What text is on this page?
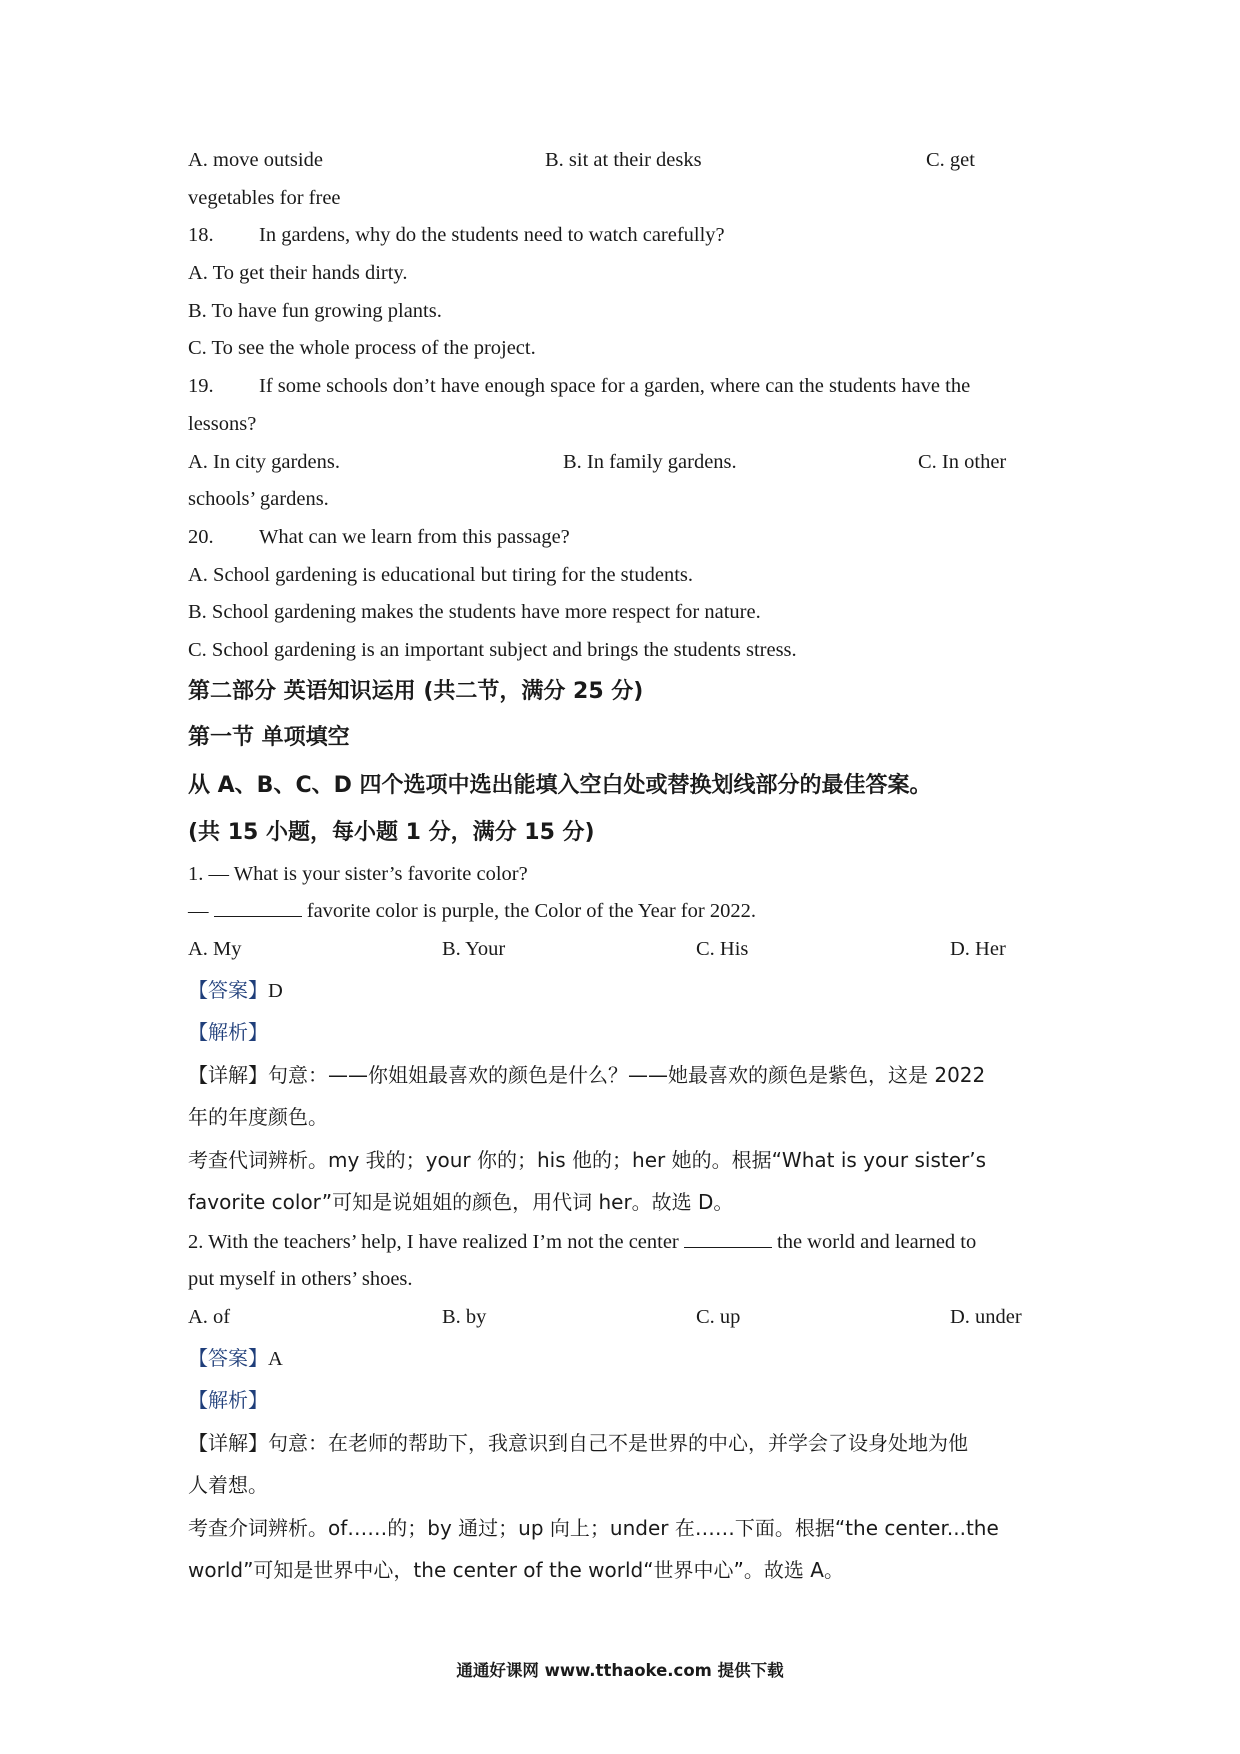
A. move outside	B. sit at their desks	C. get
vegetables for free
18. In gardens, why do the students need to watch carefully?
A. To get their hands dirty.
B. To have fun growing plants.
C. To see the whole process of the project.
19. If some schools don’t have enough space for a garden, where can the students have the
lessons?
A. In city gardens.	B. In family gardens.	C. In other
schools’ gardens.
20. What can we learn from this passage?
A. School gardening is educational but tiring for the students.
B. School gardening makes the students have more respect for nature.
C. School gardening is an important subject and brings the students stress.
第二部分 英语知识运用 (共二节，满分 25 分)
第一节 单项填空
从 A、B、C、D 四个选项中选出能填入空白处或替换划线部分的最佳答案。
(共 15 小题，每小题 1 分，满分 15 分)
1. — What is your sister’s favorite color?
—	favorite color is purple, the Color of the Year for 2022.
A. My	B. Your	C. His	D. Her
【答案】D
【解析】
【详解】句意：——你姐姐最喜欢的颜色是什么？——她最喜欢的颜色是紫色，这是 2022
年的年度颜色。
考查代词辨析。my 我的；your 你的；his 他的；her 她的。根据“What is your sister’s
favorite color”可知是说姐姐的颜色，用代词 her。故选 D。
2. With the teachers’ help, I have realized I’m not the center	the world and learned to
put myself in others’ shoes.
A. of	B. by	C. up	D. under
【答案】A
【解析】
【详解】句意：在老师的帮助下，我意识到自己不是世界的中心，并学会了设身处地为他
人着想。
考查介词辨析。of……的；by 通过；up 向上；under 在……下面。根据“the center...the
world”可知是世界中心，the center of the world“世界中心”。故选 A。
通通好课网 www.tthaoke.com 提供下载
